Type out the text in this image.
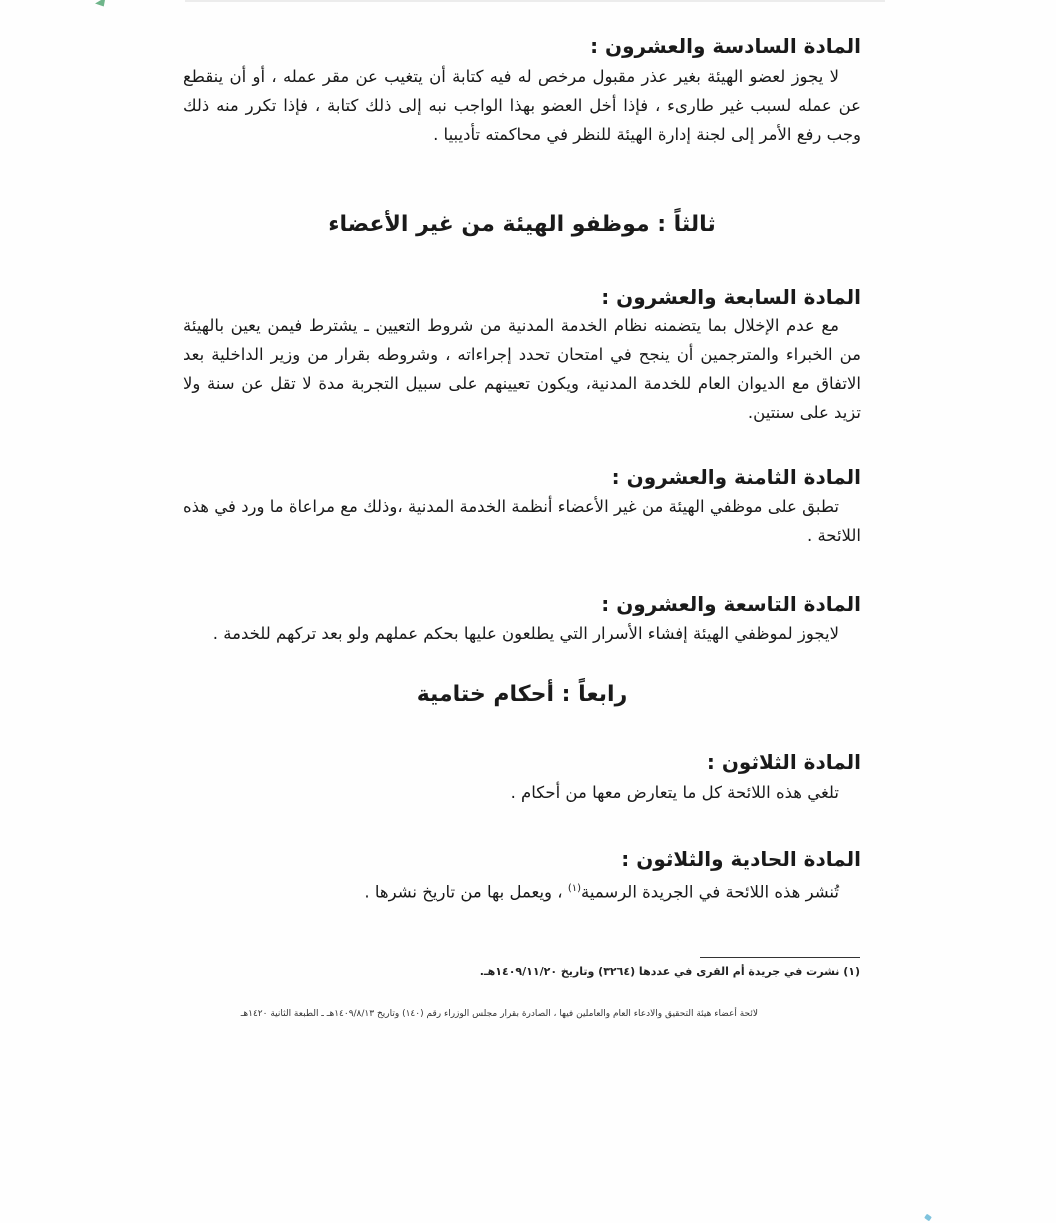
المادة السادسة والعشرون :
لا يجوز لعضو الهيئة بغير عذر مقبول مرخص له فيه كتابة أن يتغيب عن مقر عمله ، أو أن ينقطع عن عمله لسبب غير طارىء ، فإذا أخل العضو بهذا الواجب نبه إلى ذلك كتابة ، فإذا تكرر منه ذلك وجب رفع الأمر إلى لجنة إدارة الهيئة للنظر في محاكمته تأديبيا .
ثالثاً : موظفو الهيئة من غير الأعضاء
المادة السابعة والعشرون :
مع عدم الإخلال بما يتضمنه نظام الخدمة المدنية من شروط التعيين ـ يشترط فيمن يعين بالهيئة من الخبراء والمترجمين أن ينجح في امتحان تحدد إجراءاته ، وشروطه بقرار من وزير الداخلية بعد الاتفاق مع الديوان العام للخدمة المدنية، ويكون تعيينهم على سبيل التجربة مدة لا تقل عن سنة ولا تزيد على سنتين.
المادة الثامنة والعشرون :
تطبق على موظفي الهيئة من غير الأعضاء أنظمة الخدمة المدنية ،وذلك مع مراعاة ما ورد في هذه اللائحة .
المادة التاسعة والعشرون :
لايجوز لموظفي الهيئة إفشاء الأسرار التي يطلعون عليها بحكم عملهم ولو بعد تركهم للخدمة .
رابعاً : أحكام ختامية
المادة الثلاثون :
تلغي هذه اللائحة كل ما يتعارض معها من أحكام .
المادة الحادية والثلاثون :
تُنشر هذه اللائحة في الجريدة الرسمية$^{(١)}$ ، ويعمل بها من تاريخ نشرها .
(١) نشرت في جريدة أم القرى في عددها (٣٢٦٤) وتاريخ ١٤٠٩/١١/٢٠هـ.
لائحة أعضاء هيئة التحقيق والادعاء العام والعاملين فيها ، الصادرة بقرار مجلس الوزراء رقم (١٤٠) وتاريخ ١٤٠٩/٨/١٣هـ ـ الطبعة الثانية ١٤٢٠هـ
